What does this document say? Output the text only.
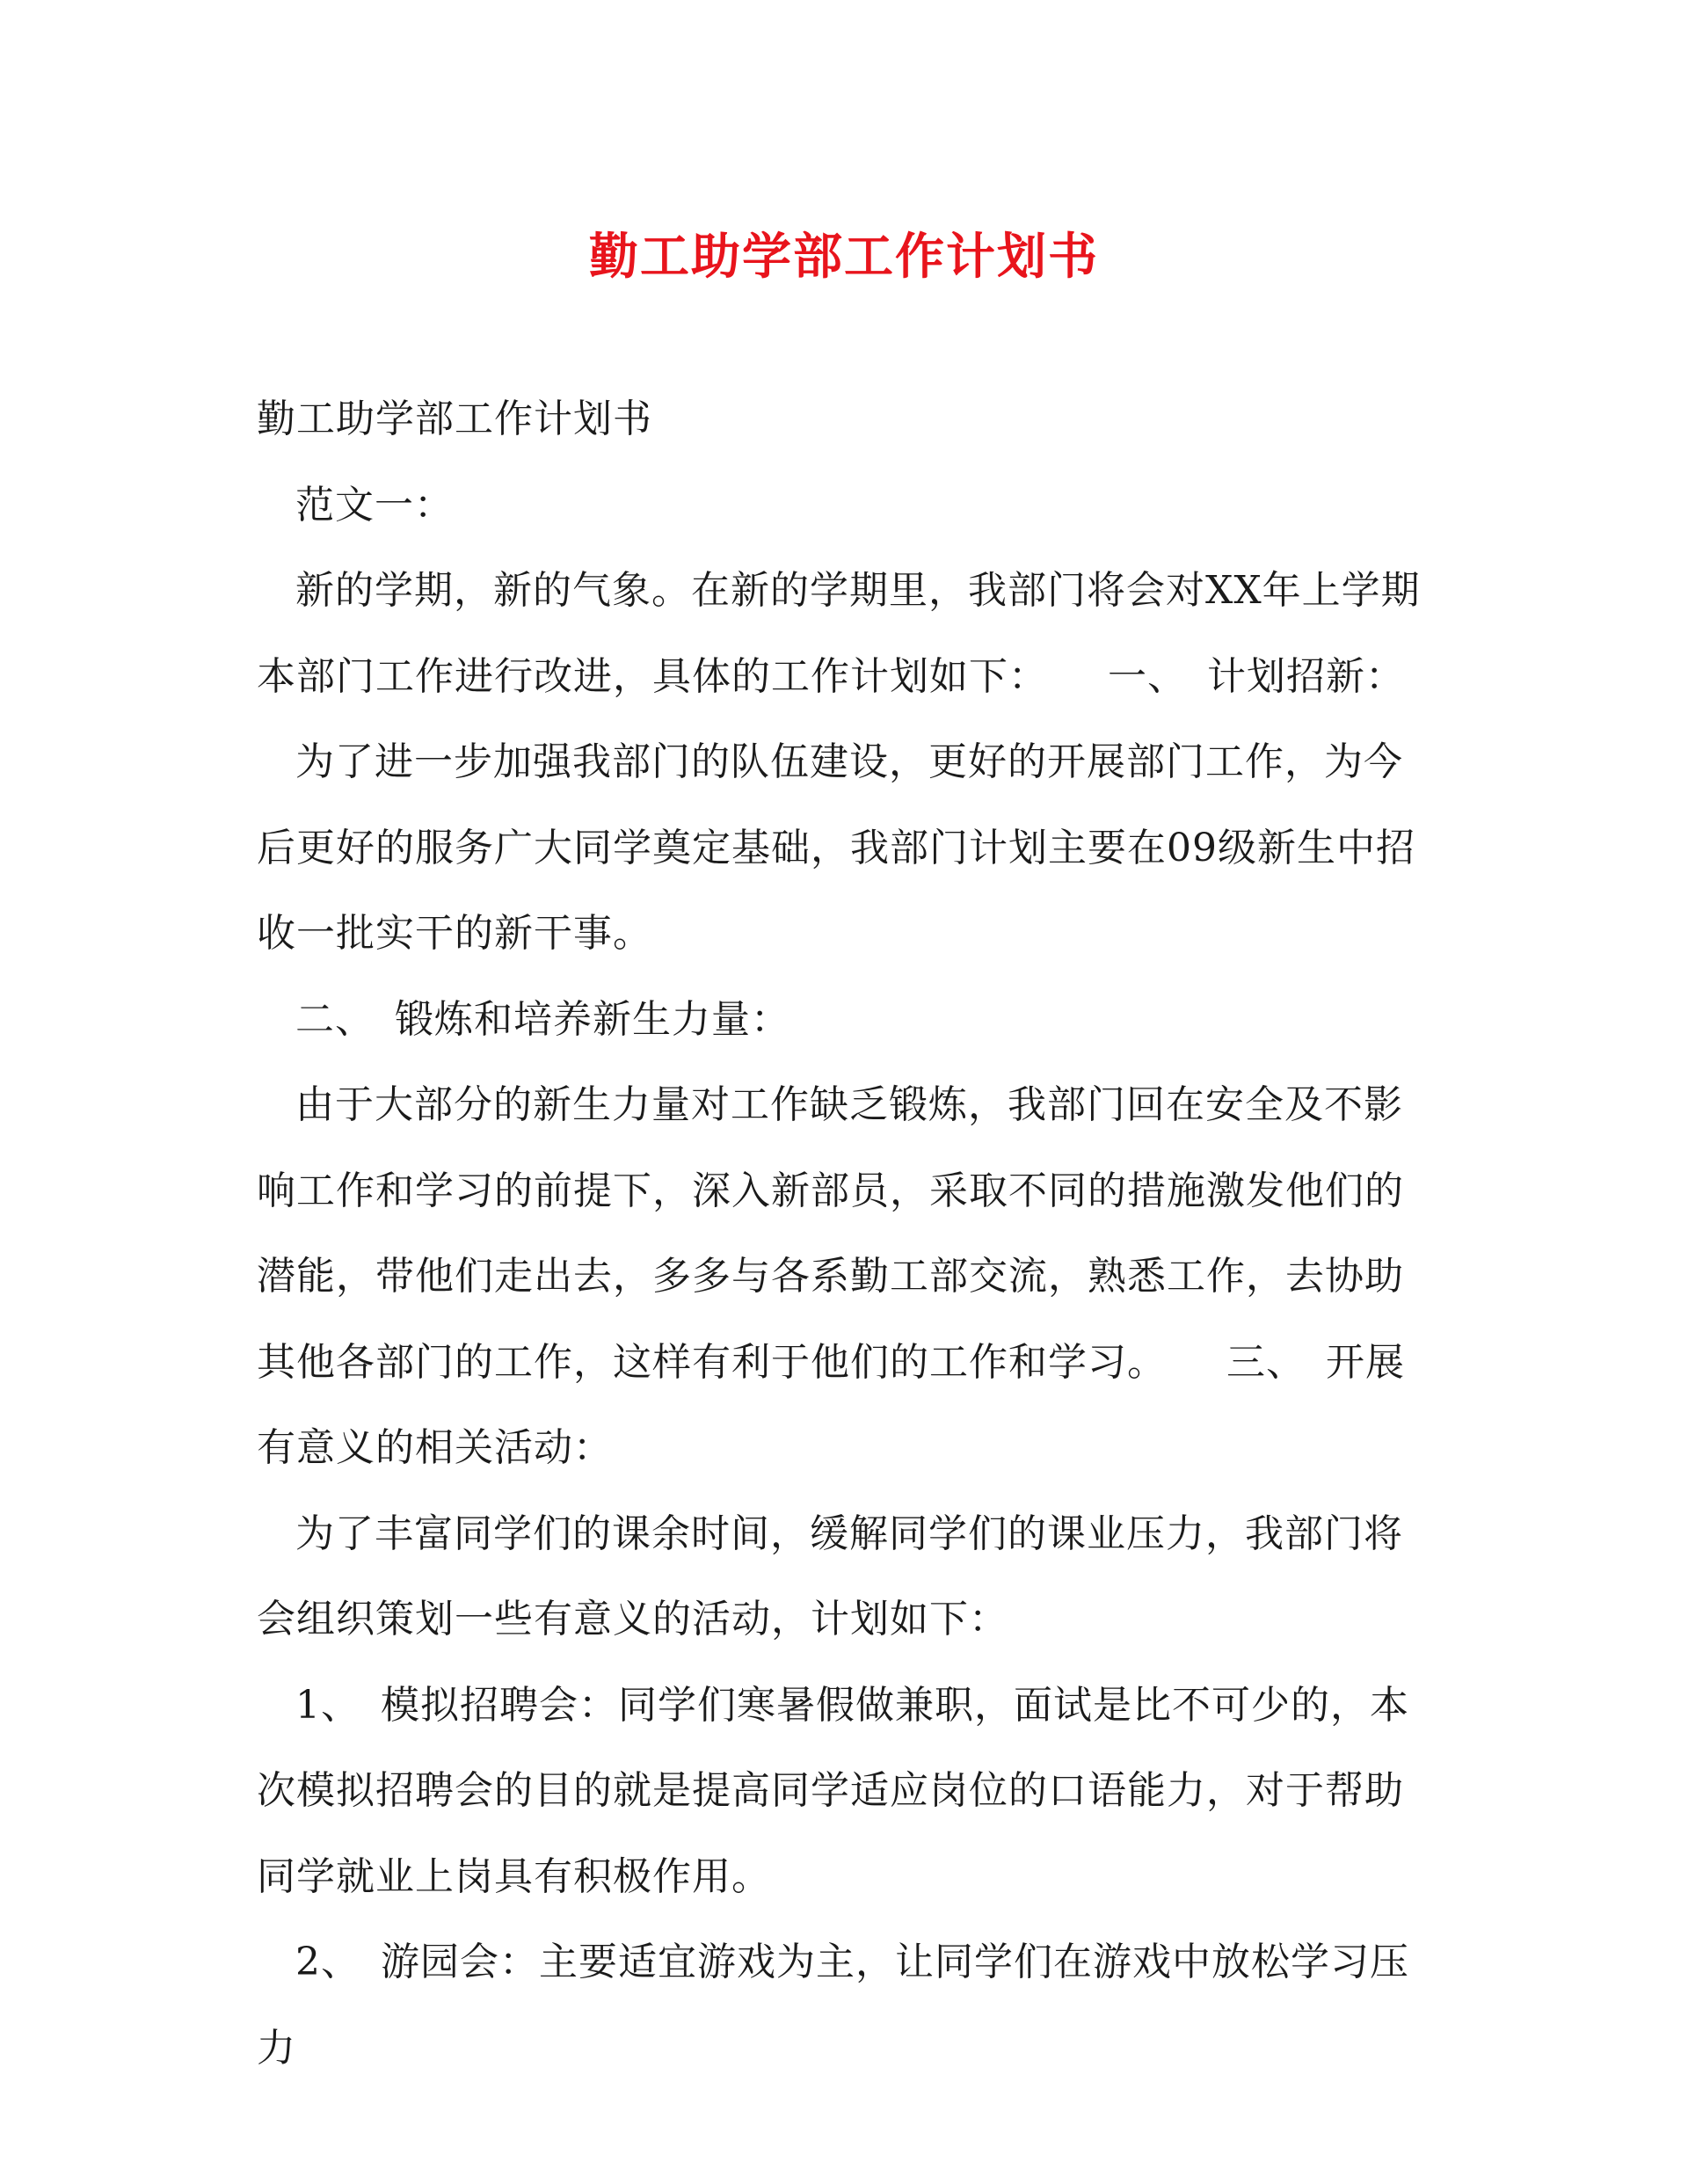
勤工助学部工作计划书

勤工助学部工作计划书

范文一：

新的学期，新的气象。在新的学期里，我部门将会对XX年上学期本部门工作进行改进，具体的工作计划如下：　　一、　计划招新：

为了进一步加强我部门的队伍建设，更好的开展部门工作，为今后更好的服务广大同学奠定基础，我部门计划主要在09级新生中招收一批实干的新干事。

二、　锻炼和培养新生力量：

由于大部分的新生力量对工作缺乏锻炼，我部门回在安全及不影响工作和学习的前提下，深入新部员，采取不同的措施激发他们的潜能，带他们走出去，多多与各系勤工部交流，熟悉工作，去协助其他各部门的工作，这样有利于他们的工作和学习。　　三、　开展有意义的相关活动：

为了丰富同学们的课余时间，缓解同学们的课业压力，我部门将会组织策划一些有意义的活动，计划如下：

1、　模拟招聘会：同学们寒暑假做兼职，面试是比不可少的，本次模拟招聘会的目的就是提高同学适应岗位的口语能力，对于帮助同学就业上岗具有积极作用。

2、　游园会：主要适宜游戏为主，让同学们在游戏中放松学习压力
